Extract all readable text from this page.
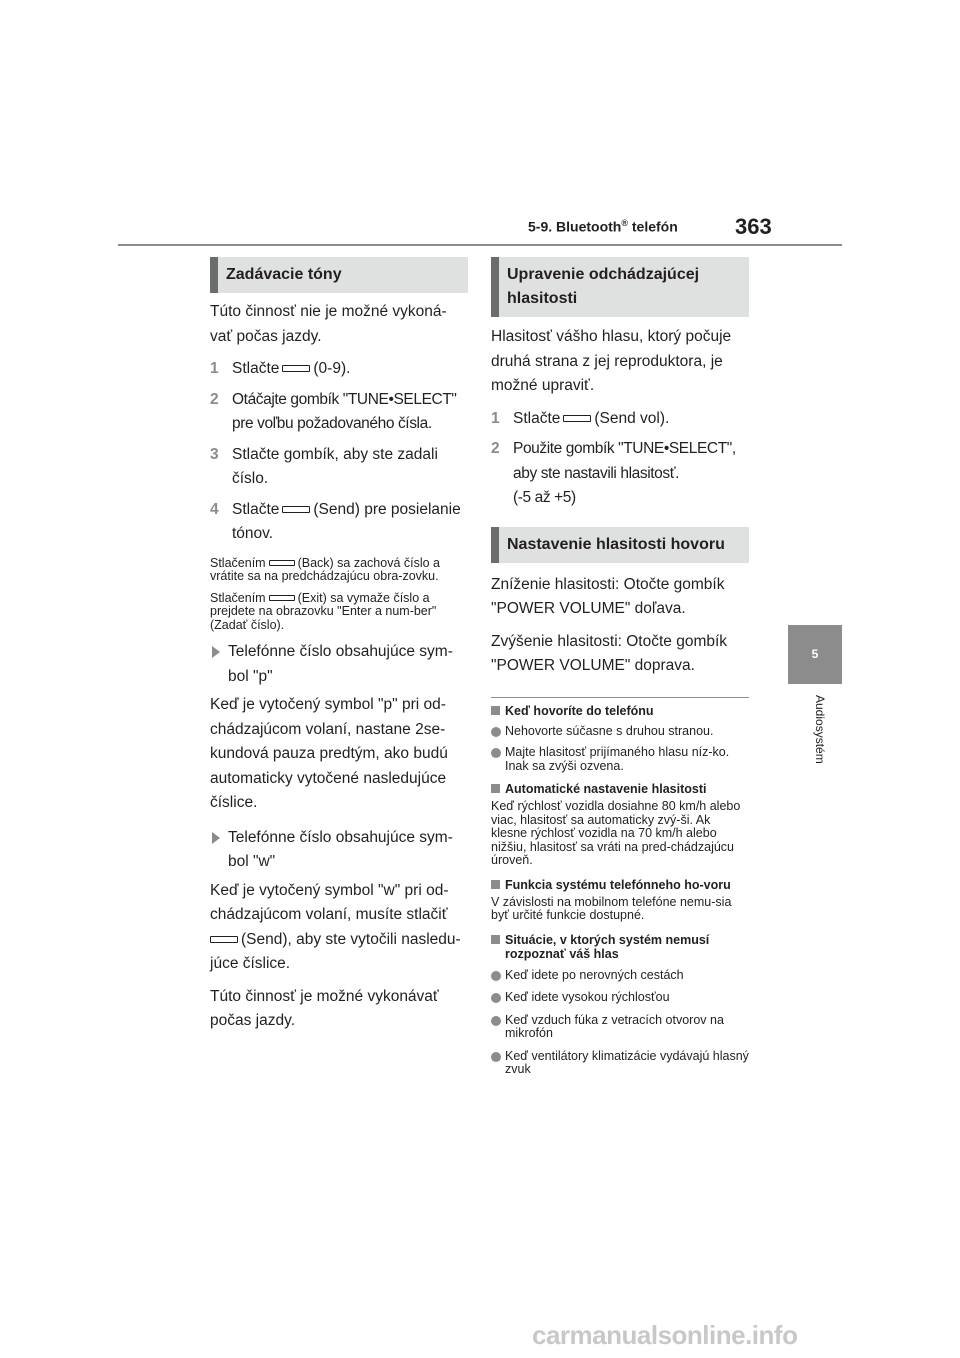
5-9. Bluetooth® telefón	363
5
Audiosystém
Zadávacie tóny
Túto činnosť nie je možné vykoná-vať počas jazdy.
1 Stlačte (0-9).
2 Otáčajte gombík "TUNE•SELECT" pre voľbu požadovaného čísla.
3 Stlačte gombík, aby ste zadali číslo.
4 Stlačte (Send) pre posielanie tónov.
Stlačením	(Back) sa zachová číslo a vrátite sa na predchádzajúcu obra-zovku.
Stlačením	(Exit) sa vymaže číslo a prejdete na obrazovku "Enter a num-ber" (Zadať číslo).
Telefónne číslo obsahujúce sym-bol "p"
Keď je vytočený symbol "p" pri od-chádzajúcom volaní, nastane 2se-kundová pauza predtým, ako budú automaticky vytočené nasledujúce číslice.
Telefónne číslo obsahujúce sym-bol "w"
Keď je vytočený symbol "w" pri od-chádzajúcom volaní, musíte stlačiť
(Send), aby ste vytočili nasledu-júce číslice.
Túto činnosť je možné vykonávať počas jazdy.
Upravenie odchádzajúcej hlasitosti
Hlasitosť vášho hlasu, ktorý počuje druhá strana z jej reproduktora, je možné upraviť.
1 Stlačte (Send vol).
2 Použite gombík "TUNE•SELECT", aby ste nastavili hlasitosť.
(-5 až +5)
Nastavenie hlasitosti hovoru
Zníženie hlasitosti: Otočte gombík "POWER VOLUME" doľava.
Zvýšenie hlasitosti: Otočte gombík "POWER VOLUME" doprava.
Keď hovoríte do telefónu
Nehovorte súčasne s druhou stranou.
Majte hlasitosť prijímaného hlasu níz-ko. Inak sa zvýši ozvena.
Automatické nastavenie hlasitosti
Keď rýchlosť vozidla dosiahne 80 km/h alebo viac, hlasitosť sa automaticky zvý-ši. Ak klesne rýchlosť vozidla na 70 km/h alebo nižšiu, hlasitosť sa vráti na pred-chádzajúcu úroveň.
Funkcia systému telefónneho ho-voru
V závislosti na mobilnom telefóne nemu-sia byť určité funkcie dostupné.
Situácie, v ktorých systém nemusí rozpoznať váš hlas
Keď idete po nerovných cestách
Keď idete vysokou rýchlosťou
Keď vzduch fúka z vetracích otvorov na mikrofón
Keď ventilátory klimatizácie vydávajú hlasný zvuk
carmanualsonline.info
